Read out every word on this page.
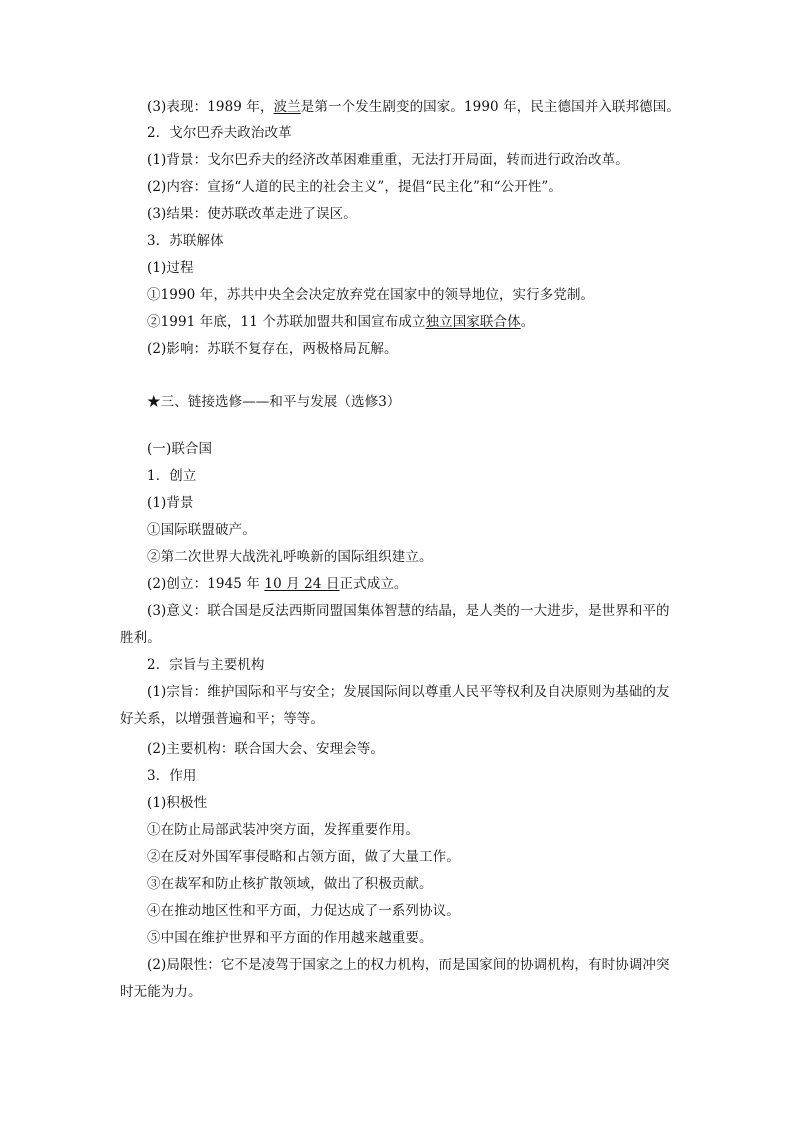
(3)表现：1989 年，波兰是第一个发生剧变的国家。1990 年，民主德国并入联邦德国。
2．戈尔巴乔夫政治改革
(1)背景：戈尔巴乔夫的经济改革困难重重，无法打开局面，转而进行政治改革。
(2)内容：宣扬“人道的民主的社会主义”，提倡“民主化”和“公开性”。
(3)结果：使苏联改革走进了误区。
3．苏联解体
(1)过程
①1990 年，苏共中央全会决定放弃党在国家中的领导地位，实行多党制。
②1991 年底，11 个苏联加盟共和国宣布成立独立国家联合体。
(2)影响：苏联不复存在，两极格局瓦解。
★三、链接选修——和平与发展（选修3）
(一)联合国
1．创立
(1)背景
①国际联盟破产。
②第二次世界大战洗礼呼唤新的国际组织建立。
(2)创立：1945 年 10 月 24 日正式成立。
(3)意义：联合国是反法西斯同盟国集体智慧的结晶，是人类的一大进步，是世界和平的胜利。
2．宗旨与主要机构
(1)宗旨：维护国际和平与安全；发展国际间以尊重人民平等权利及自决原则为基础的友好关系，以增强普遍和平；等等。
(2)主要机构：联合国大会、安理会等。
3．作用
(1)积极性
①在防止局部武装冲突方面，发挥重要作用。
②在反对外国军事侵略和占领方面，做了大量工作。
③在裁军和防止核扩散领域，做出了积极贡献。
④在推动地区性和平方面，力促达成了一系列协议。
⑤中国在维护世界和平方面的作用越来越重要。
(2)局限性：它不是凌驾于国家之上的权力机构，而是国家间的协调机构，有时协调冲突时无能为力。
